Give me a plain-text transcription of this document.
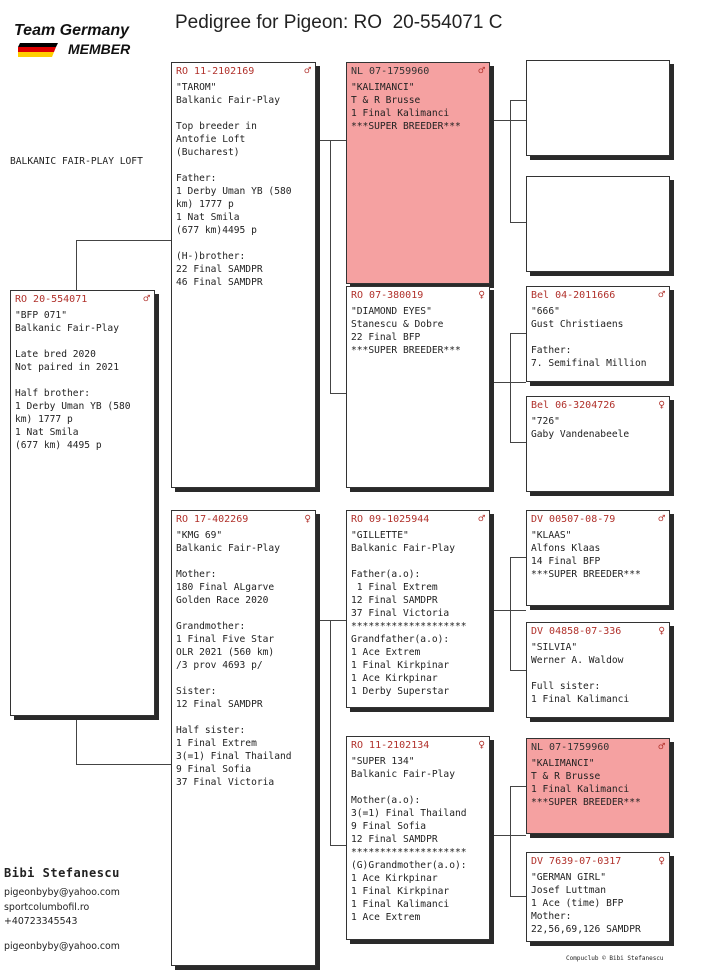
Team Germany
MEMBER
Pedigree for Pigeon: RO  20-554071 C
BALKANIC FAIR-PLAY LOFT
RO 20-554071	♂
"BFP 071"
Balkanic Fair-Play
Late bred 2020
Not paired in 2021
Half brother:
1 Derby Uman YB (580
km) 1777 p
1 Nat Smila
(677 km) 4495 p
RO 11-2102169	♂
"TAROM"
Balkanic Fair-Play
Top breeder in
Antofie Loft
(Bucharest)
Father:
1 Derby Uman YB (580
km) 1777 p
1 Nat Smila
(677 km)4495 p
(H-)brother:
22 Final SAMDPR
46 Final SAMDPR
RO 17-402269	♀
"KMG 69"
Balkanic Fair-Play
Mother:
180 Final ALgarve
Golden Race 2020
Grandmother:
1 Final Five Star
OLR 2021 (560 km)
/3 prov 4693 p/
Sister:
12 Final SAMDPR
Half sister:
1 Final Extrem
3(=1) Final Thailand
9 Final Sofia
37 Final Victoria
NL 07-1759960	♂
"KALIMANCI"
T & R Brusse
1 Final Kalimanci
***SUPER BREEDER***
RO 07-380019	♀
"DIAMOND EYES"
Stanescu & Dobre
22 Final BFP
***SUPER BREEDER***
RO 09-1025944	♂
"GILLETTE"
Balkanic Fair-Play
Father(a.o):
1 Final Extrem
12 Final SAMDPR
37 Final Victoria
********************
Grandfather(a.o):
1 Ace Extrem
1 Final Kirkpinar
1 Ace Kirkpinar
1 Derby Superstar
RO 11-2102134	♀
"SUPER 134"
Balkanic Fair-Play
Mother(a.o):
3(=1) Final Thailand
9 Final Sofia
12 Final SAMDPR
********************
(G)Grandmother(a.o):
1 Ace Kirkpinar
1 Final Kirkpinar
1 Final Kalimanci
1 Ace Extrem
Bel 04-2011666	♂
"666"
Gust Christiaens
Father:
7. Semifinal Million
Bel 06-3204726	♀
"726"
Gaby Vandenabeele
DV 00507-08-79	♂
"KLAAS"
Alfons Klaas
14 Final BFP
***SUPER BREEDER***
DV 04858-07-336	♀
"SILVIA"
Werner A. Waldow
Full sister:
1 Final Kalimanci
NL 07-1759960	♂
"KALIMANCI"
T & R Brusse
1 Final Kalimanci
***SUPER BREEDER***
DV 7639-07-0317	♀
"GERMAN GIRL"
Josef Luttman
1 Ace (time) BFP
Mother:
22,56,69,126 SAMDPR
Bibi Stefanescu
pigeonbyby@yahoo.com
sportcolumbofil.ro
+40723345543
pigeonbyby@yahoo.com
Compuclub © Bibi Stefanescu
